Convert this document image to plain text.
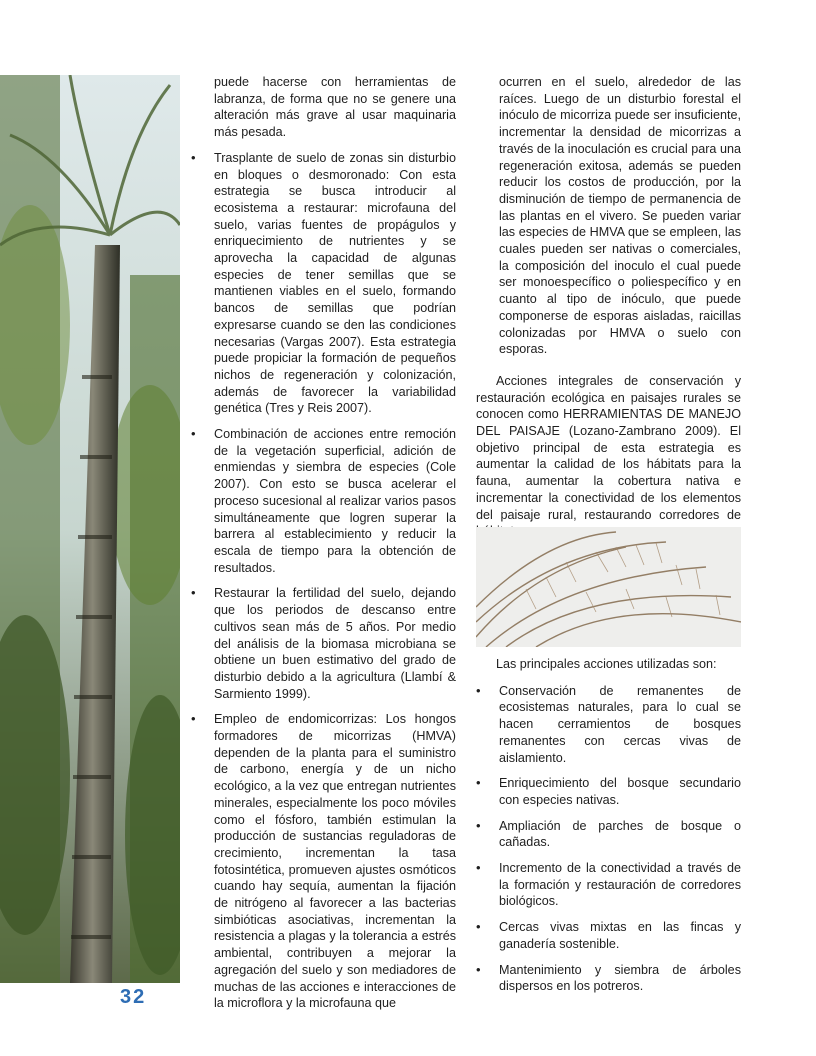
puede hacerse con herramientas de labranza, de forma que no se genere una alteración más grave al usar maquinaria más pesada.
• Trasplante de suelo de zonas sin disturbio en bloques o desmoronado: Con esta estrategia se busca introducir al ecosistema a restaurar: microfauna del suelo, varias fuentes de propágulos y enriquecimiento de nutrientes y se aprovecha la capacidad de algunas especies de tener semillas que se mantienen viables en el suelo, formando bancos de semillas que podrían expresarse cuando se den las condiciones necesarias (Vargas 2007). Esta estrategia puede propiciar la formación de pequeños nichos de regeneración y colonización, además de favorecer la variabilidad genética (Tres y Reis 2007).
• Combinación de acciones entre remoción de la vegetación superficial, adición de enmiendas y siembra de especies (Cole 2007). Con esto se busca acelerar el proceso sucesional al realizar varios pasos simultáneamente que logren superar la barrera al establecimiento y reducir la escala de tiempo para la obtención de resultados.
• Restaurar la fertilidad del suelo, dejando que los periodos de descanso entre cultivos sean más de 5 años. Por medio del análisis de la biomasa microbiana se obtiene un buen estimativo del grado de disturbio debido a la agricultura (Llambí & Sarmiento 1999).
• Empleo de endomicorrizas: Los hongos formadores de micorrizas (HMVA) dependen de la planta para el suministro de carbono, energía y de un nicho ecológico, a la vez que entregan nutrientes minerales, especialmente los poco móviles como el fósforo, también estimulan la producción de sustancias reguladoras de crecimiento, incrementan la tasa fotosintética, promueven ajustes osmóticos cuando hay sequía, aumentan la fijación de nitrógeno al favorecer a las bacterias simbióticas asociativas, incrementan la resistencia a plagas y la tolerancia a estrés ambiental, contribuyen a mejorar la agregación del suelo y son mediadores de muchas de las acciones e interacciones de la microflora y la microfauna que
ocurren en el suelo, alrededor de las raíces. Luego de un disturbio forestal el inóculo de micorriza puede ser insuficiente, incrementar la densidad de micorrizas a través de la inoculación es crucial para una regeneración exitosa, además se pueden reducir los costos de producción, por la disminución de tiempo de permanencia de las plantas en el vivero. Se pueden variar las especies de HMVA que se empleen, las cuales pueden ser nativas o comerciales, la composición del inoculo el cual puede ser monoespecífico o poliespecífico y en cuanto al tipo de inóculo, que puede componerse de esporas aisladas, raicillas colonizadas por HMVA o suelo con esporas.

Acciones integrales de conservación y restauración ecológica en paisajes rurales se conocen como HERRAMIENTAS DE MANEJO DEL PAISAJE (Lozano-Zambrano 2009). El objetivo principal de esta estrategia es aumentar la calidad de los hábitats para la fauna, aumentar la cobertura nativa e incrementar la conectividad de los elementos del paisaje rural, restaurando corredores de

Las principales acciones utilizadas son:

• Conservación de remanentes de ecosistemas naturales, para lo cual se hacen cerramientos de bosques remanentes con cercas vivas de aislamiento.
• Enriquecimiento del bosque secundario con especies nativas.
• Ampliación de parches de bosque o cañadas.
• Incremento de la conectividad a través de la formación y restauración de corredores biológicos.
• Cercas vivas mixtas en las fincas y ganadería sostenible.
• Mantenimiento y siembra de árboles dispersos en los potreros.
32
